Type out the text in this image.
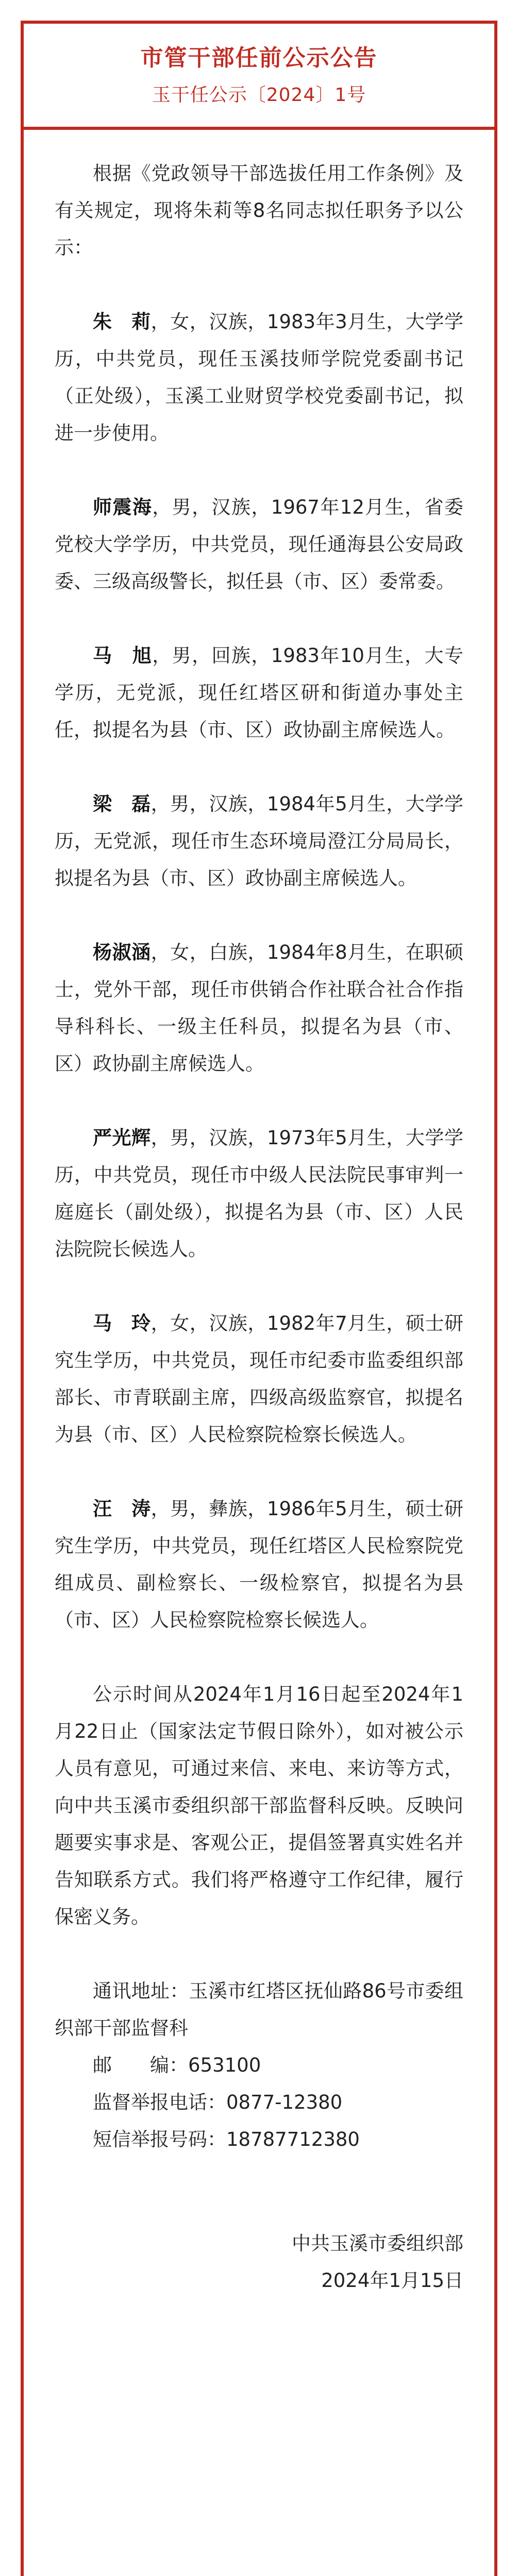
市管干部任前公示公告
玉干任公示〔2024〕1号

根据《党政领导干部选拔任用工作条例》及有关规定，现将朱莉等8名同志拟任职务予以公示：

朱　莉，女，汉族，1983年3月生，大学学历，中共党员，现任玉溪技师学院党委副书记（正处级），玉溪工业财贸学校党委副书记，拟进一步使用。

师震海，男，汉族，1967年12月生，省委党校大学学历，中共党员，现任通海县公安局政委、三级高级警长，拟任县（市、区）委常委。

马　旭，男，回族，1983年10月生，大专学历，无党派，现任红塔区研和街道办事处主任，拟提名为县（市、区）政协副主席候选人。

梁　磊，男，汉族，1984年5月生，大学学历，无党派，现任市生态环境局澄江分局局长，拟提名为县（市、区）政协副主席候选人。

杨淑涵，女，白族，1984年8月生，在职硕士，党外干部，现任市供销合作社联合社合作指导科科长、一级主任科员，拟提名为县（市、区）政协副主席候选人。

严光辉，男，汉族，1973年5月生，大学学历，中共党员，现任市中级人民法院民事审判一庭庭长（副处级），拟提名为县（市、区）人民法院院长候选人。

马　玲，女，汉族，1982年7月生，硕士研究生学历，中共党员，现任市纪委市监委组织部部长、市青联副主席，四级高级监察官，拟提名为县（市、区）人民检察院检察长候选人。

汪　涛，男，彝族，1986年5月生，硕士研究生学历，中共党员，现任红塔区人民检察院党组成员、副检察长、一级检察官，拟提名为县（市、区）人民检察院检察长候选人。

公示时间从2024年1月16日起至2024年1月22日止（国家法定节假日除外），如对被公示人员有意见，可通过来信、来电、来访等方式，向中共玉溪市委组织部干部监督科反映。反映问题要实事求是、客观公正，提倡签署真实姓名并告知联系方式。我们将严格遵守工作纪律，履行保密义务。

通讯地址：玉溪市红塔区抚仙路86号市委组织部干部监督科
邮　　编：653100
监督举报电话：0877-12380
短信举报号码：18787712380
中共玉溪市委组织部
2024年1月15日
